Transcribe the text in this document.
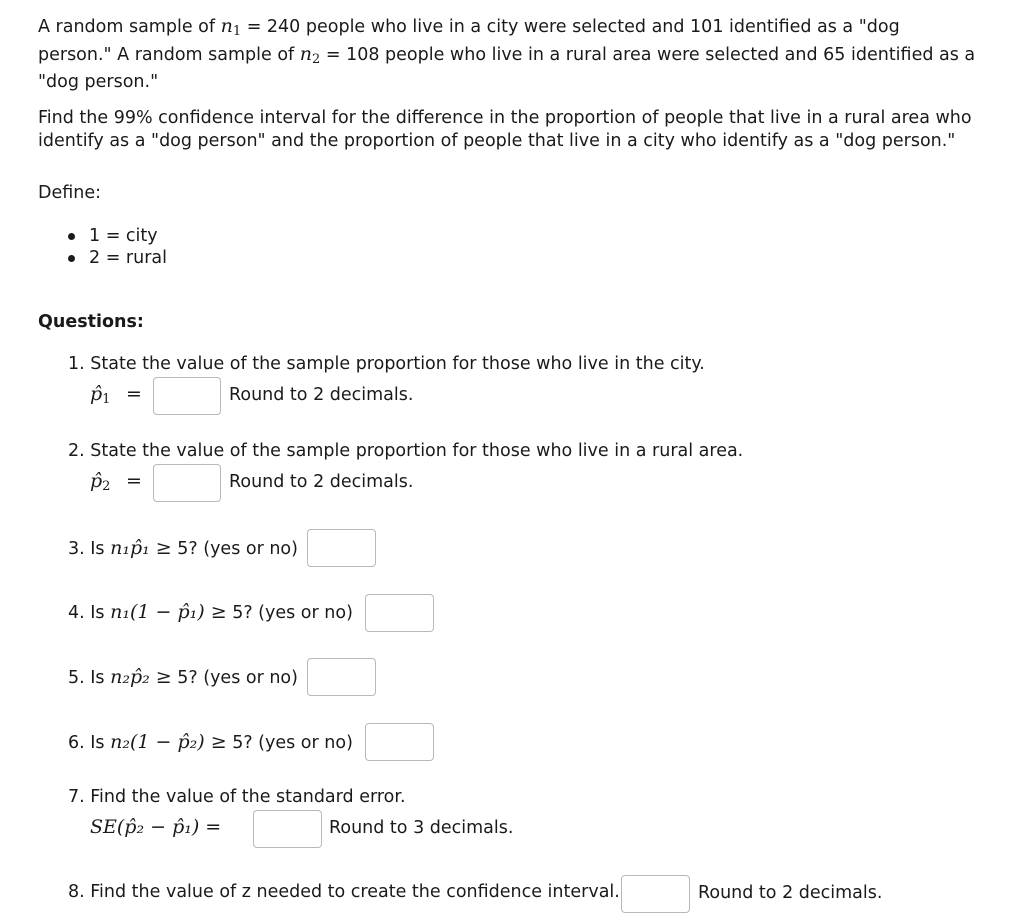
A random sample of $n_1 = 240$ people who live in a city were selected and 101 identified as a "dog
person." A random sample of $n_2 = 108$ people who live in a rural area were selected and 65 identified as a
"dog person."
Find the 99% confidence interval for the difference in the proportion of people that live in a rural area who
identify as a "dog person" and the proportion of people that live in a city who identify as a "dog person."
Define:
1 = city
2 = rural
Questions:
1. State the value of the sample proportion for those who live in the city.
$p̂_1$ =	Round to 2 decimals.
2. State the value of the sample proportion for those who live in a rural area.
$p̂_2$ =	Round to 2 decimals.
3. Is n₁p̂₁ ≥ 5? (yes or no)
4. Is n₁(1 − p̂₁) ≥ 5? (yes or no)
5. Is n₂p̂₂ ≥ 5? (yes or no)
6. Is n₂(1 − p̂₂) ≥ 5? (yes or no)
7. Find the value of the standard error.
SE(p̂₂ − p̂₁) =	Round to 3 decimals.
8. Find the value of z needed to create the confidence interval.	Round to 2 decimals.
